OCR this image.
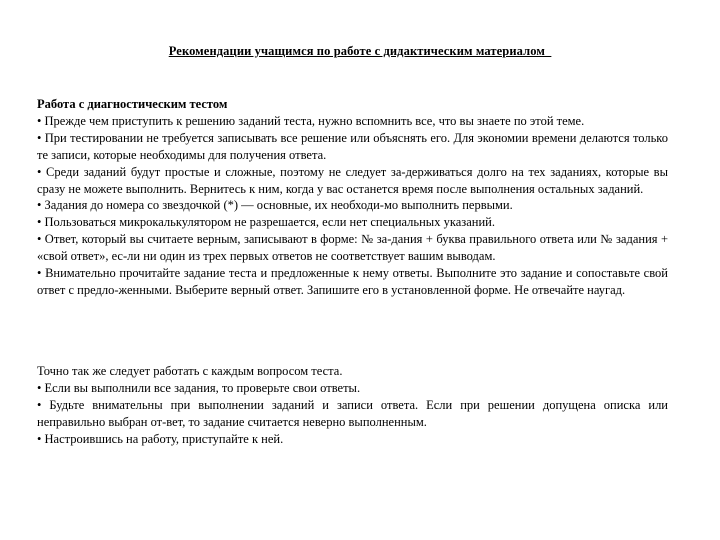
Рекомендации учащимся по работе с дидактическим материалом_

Работа с диагностическим тестом

• Прежде чем приступить к решению заданий теста, нужно вспомнить все, что вы знаете по этой теме.

• При тестировании не требуется записывать все решение или объяснять его. Для экономии времени делаются только те записи, которые необходимы для получения ответа.

• Среди заданий будут простые и сложные, поэтому не следует за-держиваться долго на тех заданиях, которые вы сразу не можете выполнить. Вернитесь к ним, когда у вас останется время после выполнения остальных заданий.

• Задания до номера со звездочкой (*) — основные, их необходи-мо выполнить первыми.

• Пользоваться микрокалькулятором не разрешается, если нет специальных указаний.

• Ответ, который вы считаете верным, записывают в форме: № за-дания + буква правильного ответа или № задания + «свой ответ», ес-ли ни один из трех первых ответов не соответствует вашим выводам.

• Внимательно прочитайте задание теста и предложенные к нему ответы. Выполните это задание и сопоставьте свой ответ с предло-женными. Выберите верный ответ. Запишите его в установленной форме. Не отвечайте наугад.

Точно так же следует работать с каждым вопросом теста.

• Если вы выполнили все задания, то проверьте свои ответы.

• Будьте внимательны при выполнении заданий и записи ответа. Если при решении допущена описка или неправильно выбран от-вет, то задание считается неверно выполненным.

• Настроившись на работу, приступайте к ней.
